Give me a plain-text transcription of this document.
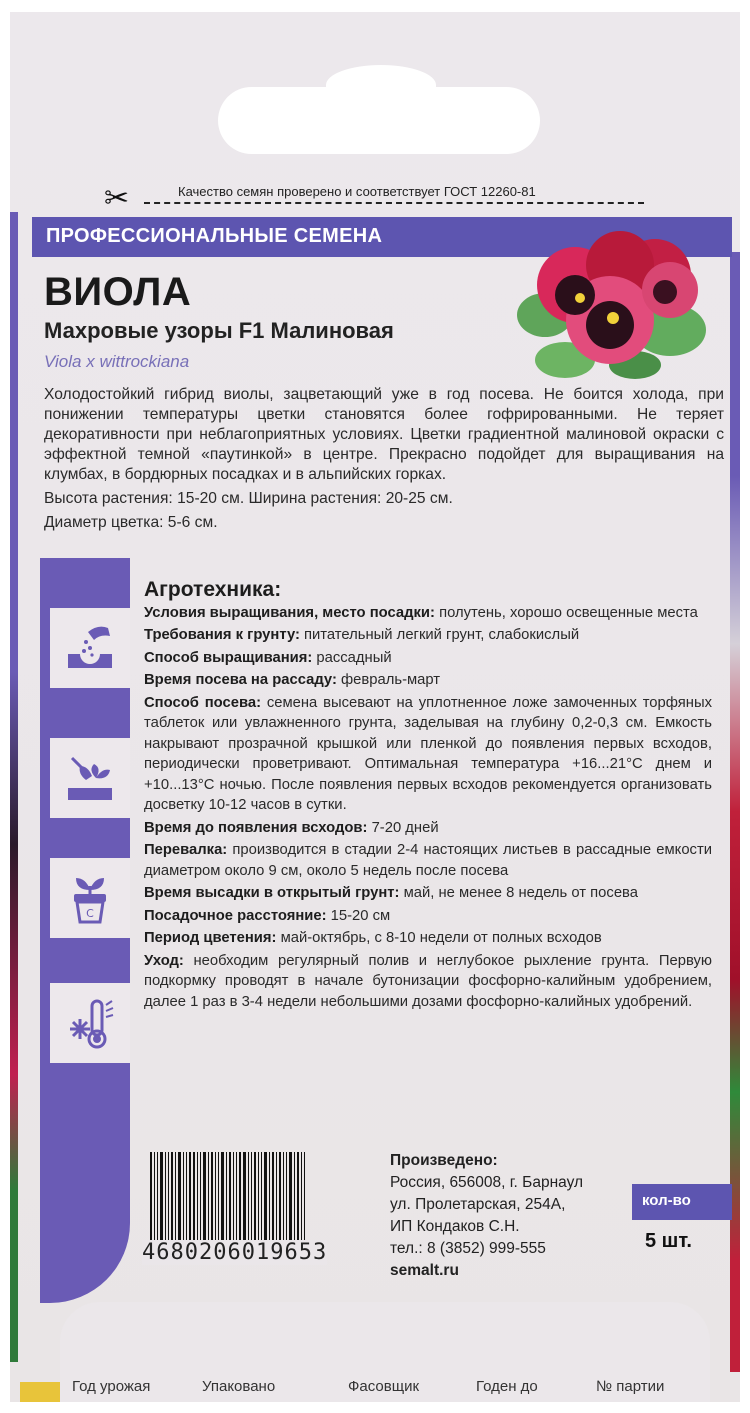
✂	Качество семян проверено и соответствует ГОСТ 12260-81
ПРОФЕССИОНАЛЬНЫЕ СЕМЕНА
ВИОЛА
Махровые узоры F1 Малиновая
Viola x wittrockiana

Холодостойкий гибрид виолы, зацветающий уже в год посева. Не боится холода, при понижении температуры цветки становятся более гофрированными. Не теряет декоративности при неблагоприятных условиях. Цветки градиентной малиновой окраски с эффектной темной «паутинкой» в центре. Прекрасно подойдет для выращивания на клумбах, в бордюрных посадках и в альпийских горках.

Высота растения: 15-20 см. Ширина растения: 20-25 см.

Диаметр цветка: 5-6 см.

C
Агротехника:
Условия выращивания, место посадки: полутень, хорошо освещенные места
Требования к грунту: питательный легкий грунт, слабокислый
Способ выращивания: рассадный
Время посева на рассаду: февраль-март
Способ посева: семена высевают на уплотненное ложе замоченных торфяных таблеток или увлажненного грунта, заделывая на глубину 0,2-0,3 см. Емкость накрывают прозрачной крышкой или пленкой до появления первых всходов, периодически проветривают. Оптимальная температура +16...21°С днем и +10...13°С ночью. После появления первых всходов рекомендуется организовать досветку 10-12 часов в сутки.
Время до появления всходов: 7-20 дней
Перевалка: производится в стадии 2-4 настоящих листьев в рассадные емкости диаметром около 9 см, около 5 недель после посева
Время высадки в открытый грунт: май, не менее 8 недель от посева
Посадочное расстояние: 15-20 см
Период цветения: май-октябрь, с 8-10 недели от полных всходов
Уход: необходим регулярный полив и неглубокое рыхление грунта. Первую подкормку проводят в начале бутонизации фосфорно-калийным удобрением, далее 1 раз в 3-4 недели небольшими дозами фосфорно-калийных удобрений.
4680206019653
Произведено:
Россия, 656008, г. Барнаул
ул. Пролетарская, 254А,
ИП Кондаков С.Н.
тел.: 8 (3852) 999-555
semalt.ru
кол-во
5 шт.
Год урожая	Упаковано	Фасовщик	Годен до	№ партии
